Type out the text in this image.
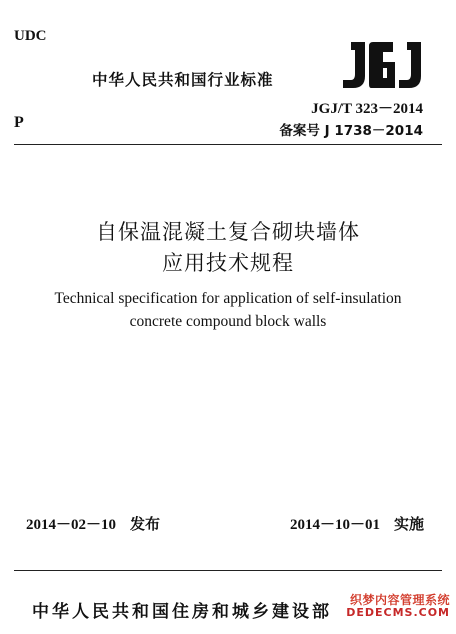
UDC
P
中华人民共和国行业标准
JGJ/T 323－2014
备案号 J 1738－2014
自保温混凝土复合砌块墙体
应用技术规程
Technical specification for application of self-insulation
concrete compound block walls
2014－02－10 发布	2014－10－01 实施
中华人民共和国住房和城乡建设部
织梦内容管理系统
DEDECMS.COM
